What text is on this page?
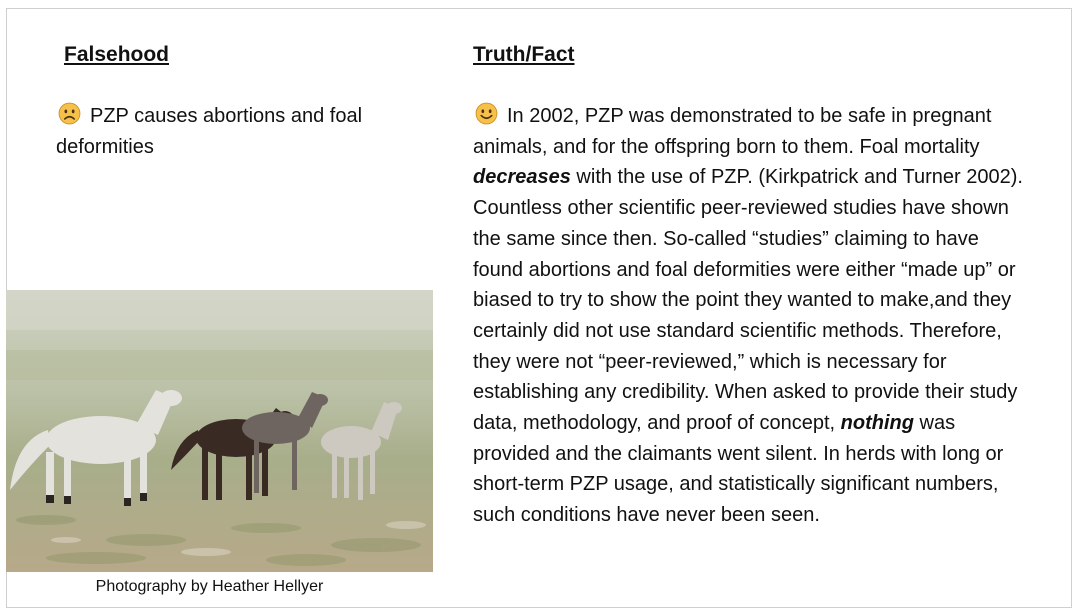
Falsehood	Truth/Fact
PZP causes abortions and foal deformities
In 2002, PZP was demonstrated to be safe in pregnant animals, and for the offspring born to them. Foal mortality decreases with the use of PZP. (Kirkpatrick and Turner 2002). Countless other scientific peer-reviewed studies have shown the same since then. So-called “studies” claiming to have found abortions and foal deformities were either “made up” or biased to try to show the point they wanted to make,and they certainly did not use standard scientific methods. Therefore, they were not “peer-reviewed,” which is necessary for establishing any credibility. When asked to provide their study data, methodology, and proof of concept, nothing was provided and the claimants went silent. In herds with long or short-term PZP usage, and statistically significant numbers, such conditions have never been seen.
Photography by Heather Hellyer
